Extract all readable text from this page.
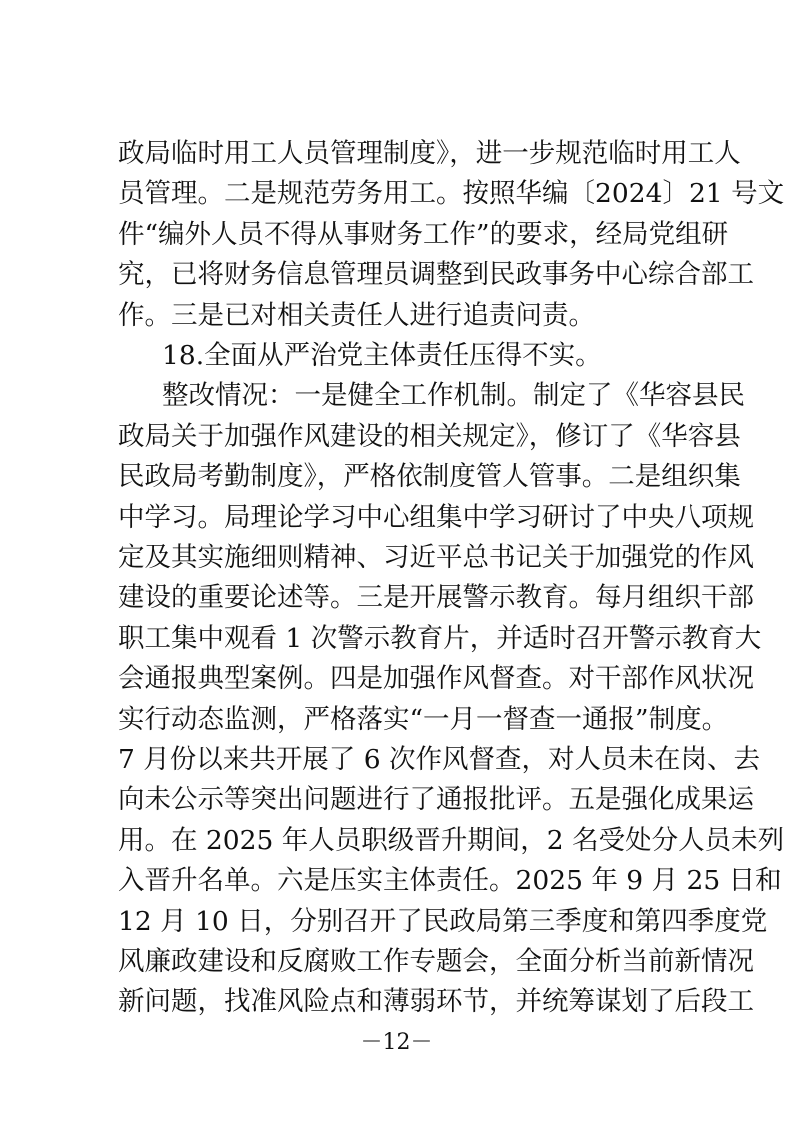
政局临时用工人员管理制度》，进一步规范临时用工人
员管理。二是规范劳务用工。按照华编〔2024〕21 号文
件“编外人员不得从事财务工作”的要求，经局党组研
究，已将财务信息管理员调整到民政事务中心综合部工
作。三是已对相关责任人进行追责问责。
18.全面从严治党主体责任压得不实。
整改情况：一是健全工作机制。制定了《华容县民
政局关于加强作风建设的相关规定》，修订了《华容县
民政局考勤制度》，严格依制度管人管事。二是组织集
中学习。局理论学习中心组集中学习研讨了中央八项规
定及其实施细则精神、习近平总书记关于加强党的作风
建设的重要论述等。三是开展警示教育。每月组织干部
职工集中观看 1 次警示教育片，并适时召开警示教育大
会通报典型案例。四是加强作风督查。对干部作风状况
实行动态监测，严格落实“一月一督查一通报”制度。
7 月份以来共开展了 6 次作风督查，对人员未在岗、去
向未公示等突出问题进行了通报批评。五是强化成果运
用。在 2025 年人员职级晋升期间，2 名受处分人员未列
入晋升名单。六是压实主体责任。2025 年 9 月 25 日和
12 月 10 日，分别召开了民政局第三季度和第四季度党
风廉政建设和反腐败工作专题会，全面分析当前新情况
－12－
新问题，找准风险点和薄弱环节，并统筹谋划了后段工
